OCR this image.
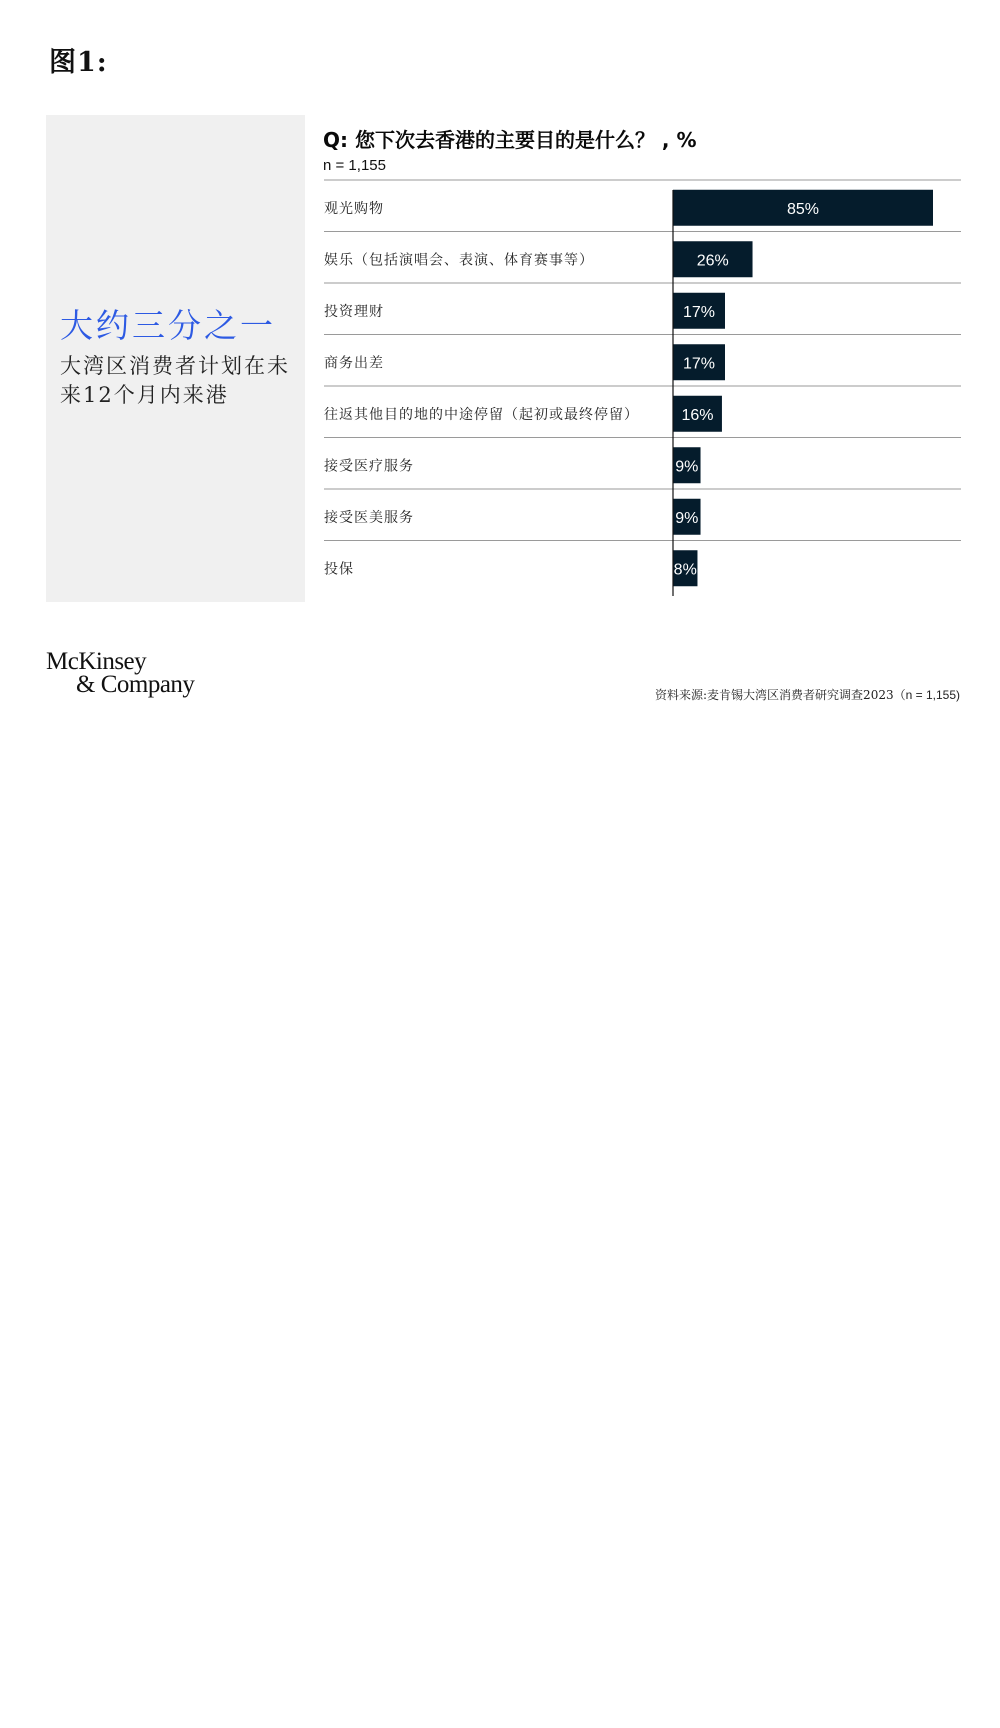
图1:
大约三分之一
大湾区消费者计划在未来12个月内来港
Q: 您下次去香港的主要目的是什么？ , %
n = 1,155
观光购物	85%
娱乐（包括演唱会、表演、体育赛事等）	26%
投资理财	17%
商务出差	17%
往返其他目的地的中途停留（起初或最终停留）	16%
接受医疗服务	9%
接受医美服务	9%
投保	8%
McKinsey
& Company	资料来源:麦肯锡大湾区消费者研究调查2023（n = 1,155)
